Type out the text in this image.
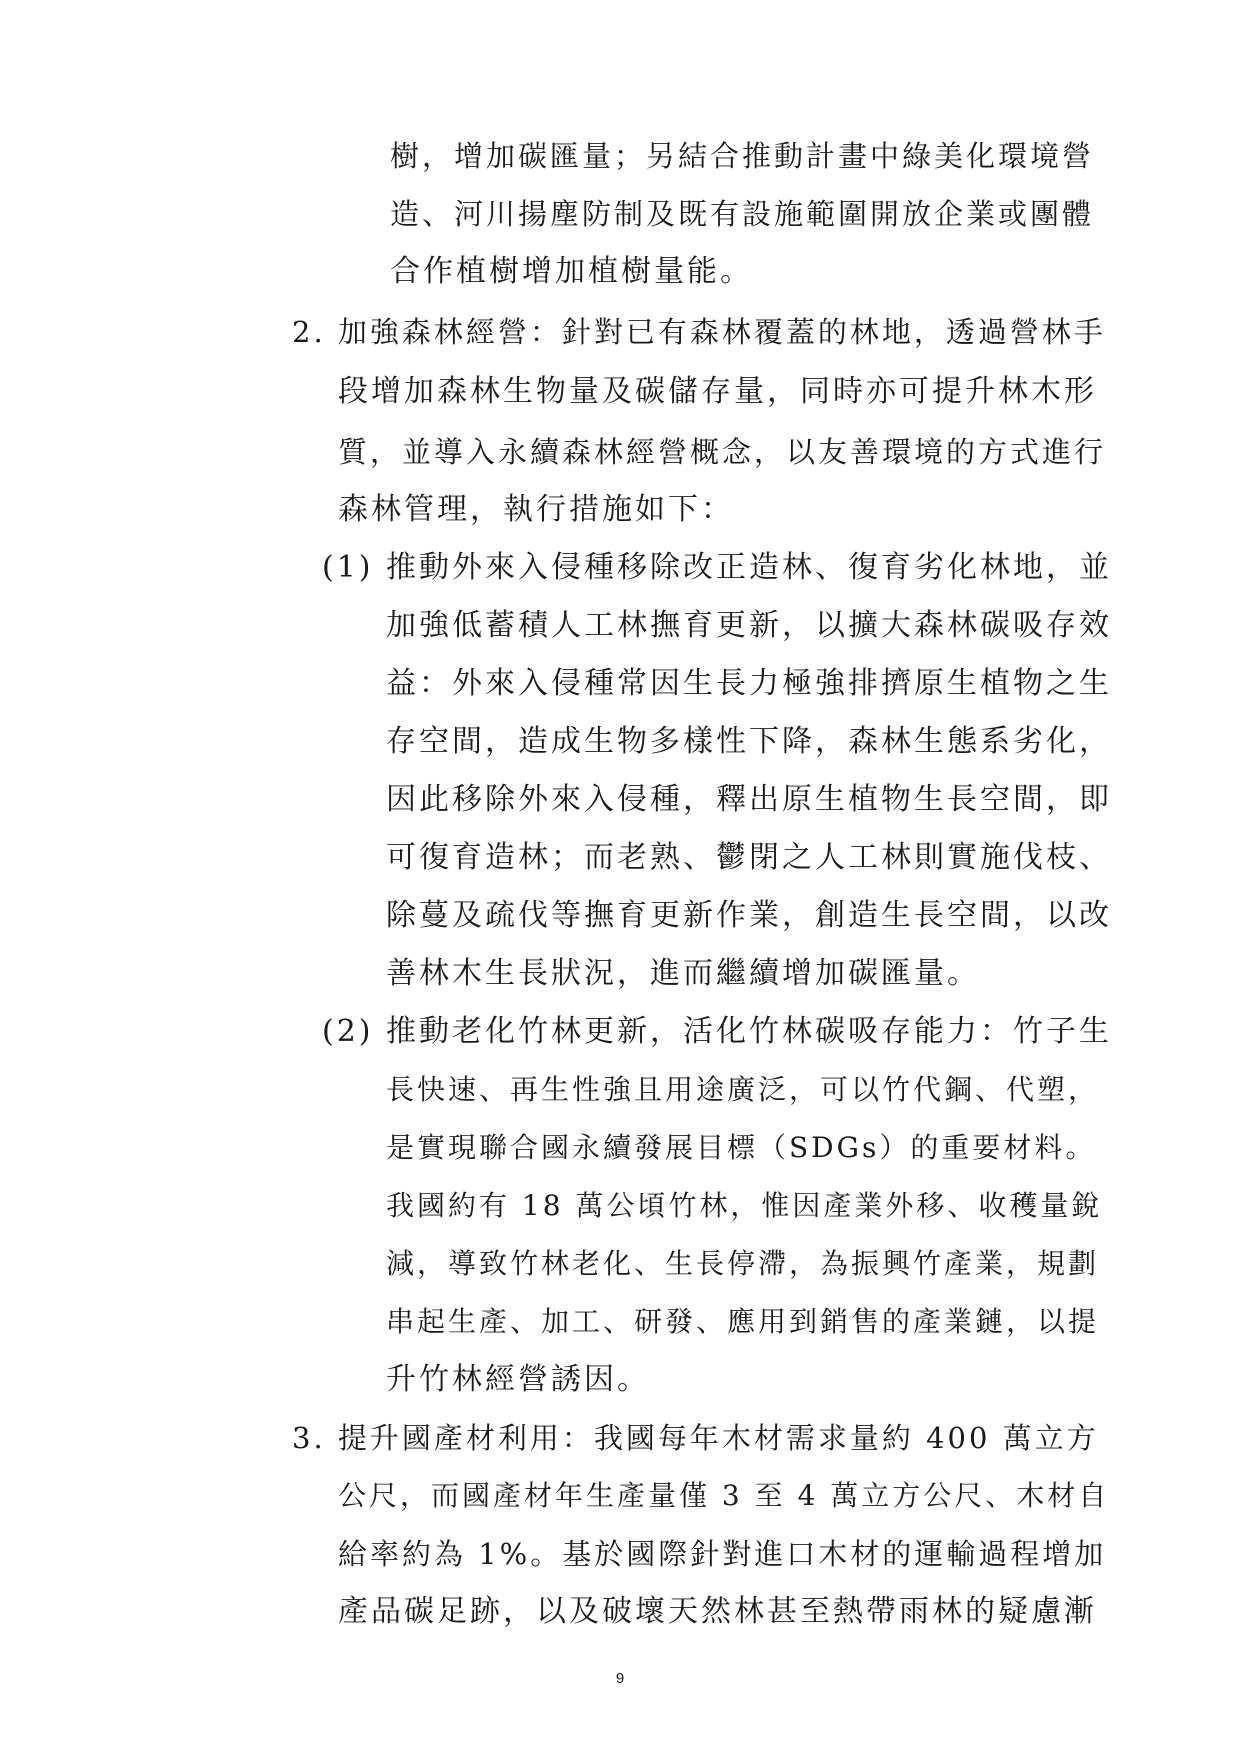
樹，增加碳匯量；另結合推動計畫中綠美化環境營
造、河川揚塵防制及既有設施範圍開放企業或團體
合作植樹增加植樹量能。
2. 加強森林經營：針對已有森林覆蓋的林地，透過營林手
段增加森林生物量及碳儲存量，同時亦可提升林木形
質，並導入永續森林經營概念，以友善環境的方式進行
森林管理，執行措施如下：
(1) 推動外來入侵種移除改正造林、復育劣化林地，並
加強低蓄積人工林撫育更新，以擴大森林碳吸存效
益：外來入侵種常因生長力極強排擠原生植物之生
存空間，造成生物多樣性下降，森林生態系劣化，
因此移除外來入侵種，釋出原生植物生長空間，即
可復育造林；而老熟、鬱閉之人工林則實施伐枝、
除蔓及疏伐等撫育更新作業，創造生長空間，以改
善林木生長狀況，進而繼續增加碳匯量。
(2) 推動老化竹林更新，活化竹林碳吸存能力：竹子生
長快速、再生性強且用途廣泛，可以竹代鋼、代塑，
是實現聯合國永續發展目標（SDGs）的重要材料。
我國約有 18 萬公頃竹林，惟因產業外移、收穫量銳
減，導致竹林老化、生長停滯，為振興竹產業，規劃
串起生產、加工、研發、應用到銷售的產業鏈，以提
升竹林經營誘因。
3. 提升國產材利用：我國每年木材需求量約 400 萬立方
公尺，而國產材年生產量僅 3 至 4 萬立方公尺、木材自
給率約為 1%。基於國際針對進口木材的運輸過程增加
產品碳足跡，以及破壞天然林甚至熱帶雨林的疑慮漸
9
